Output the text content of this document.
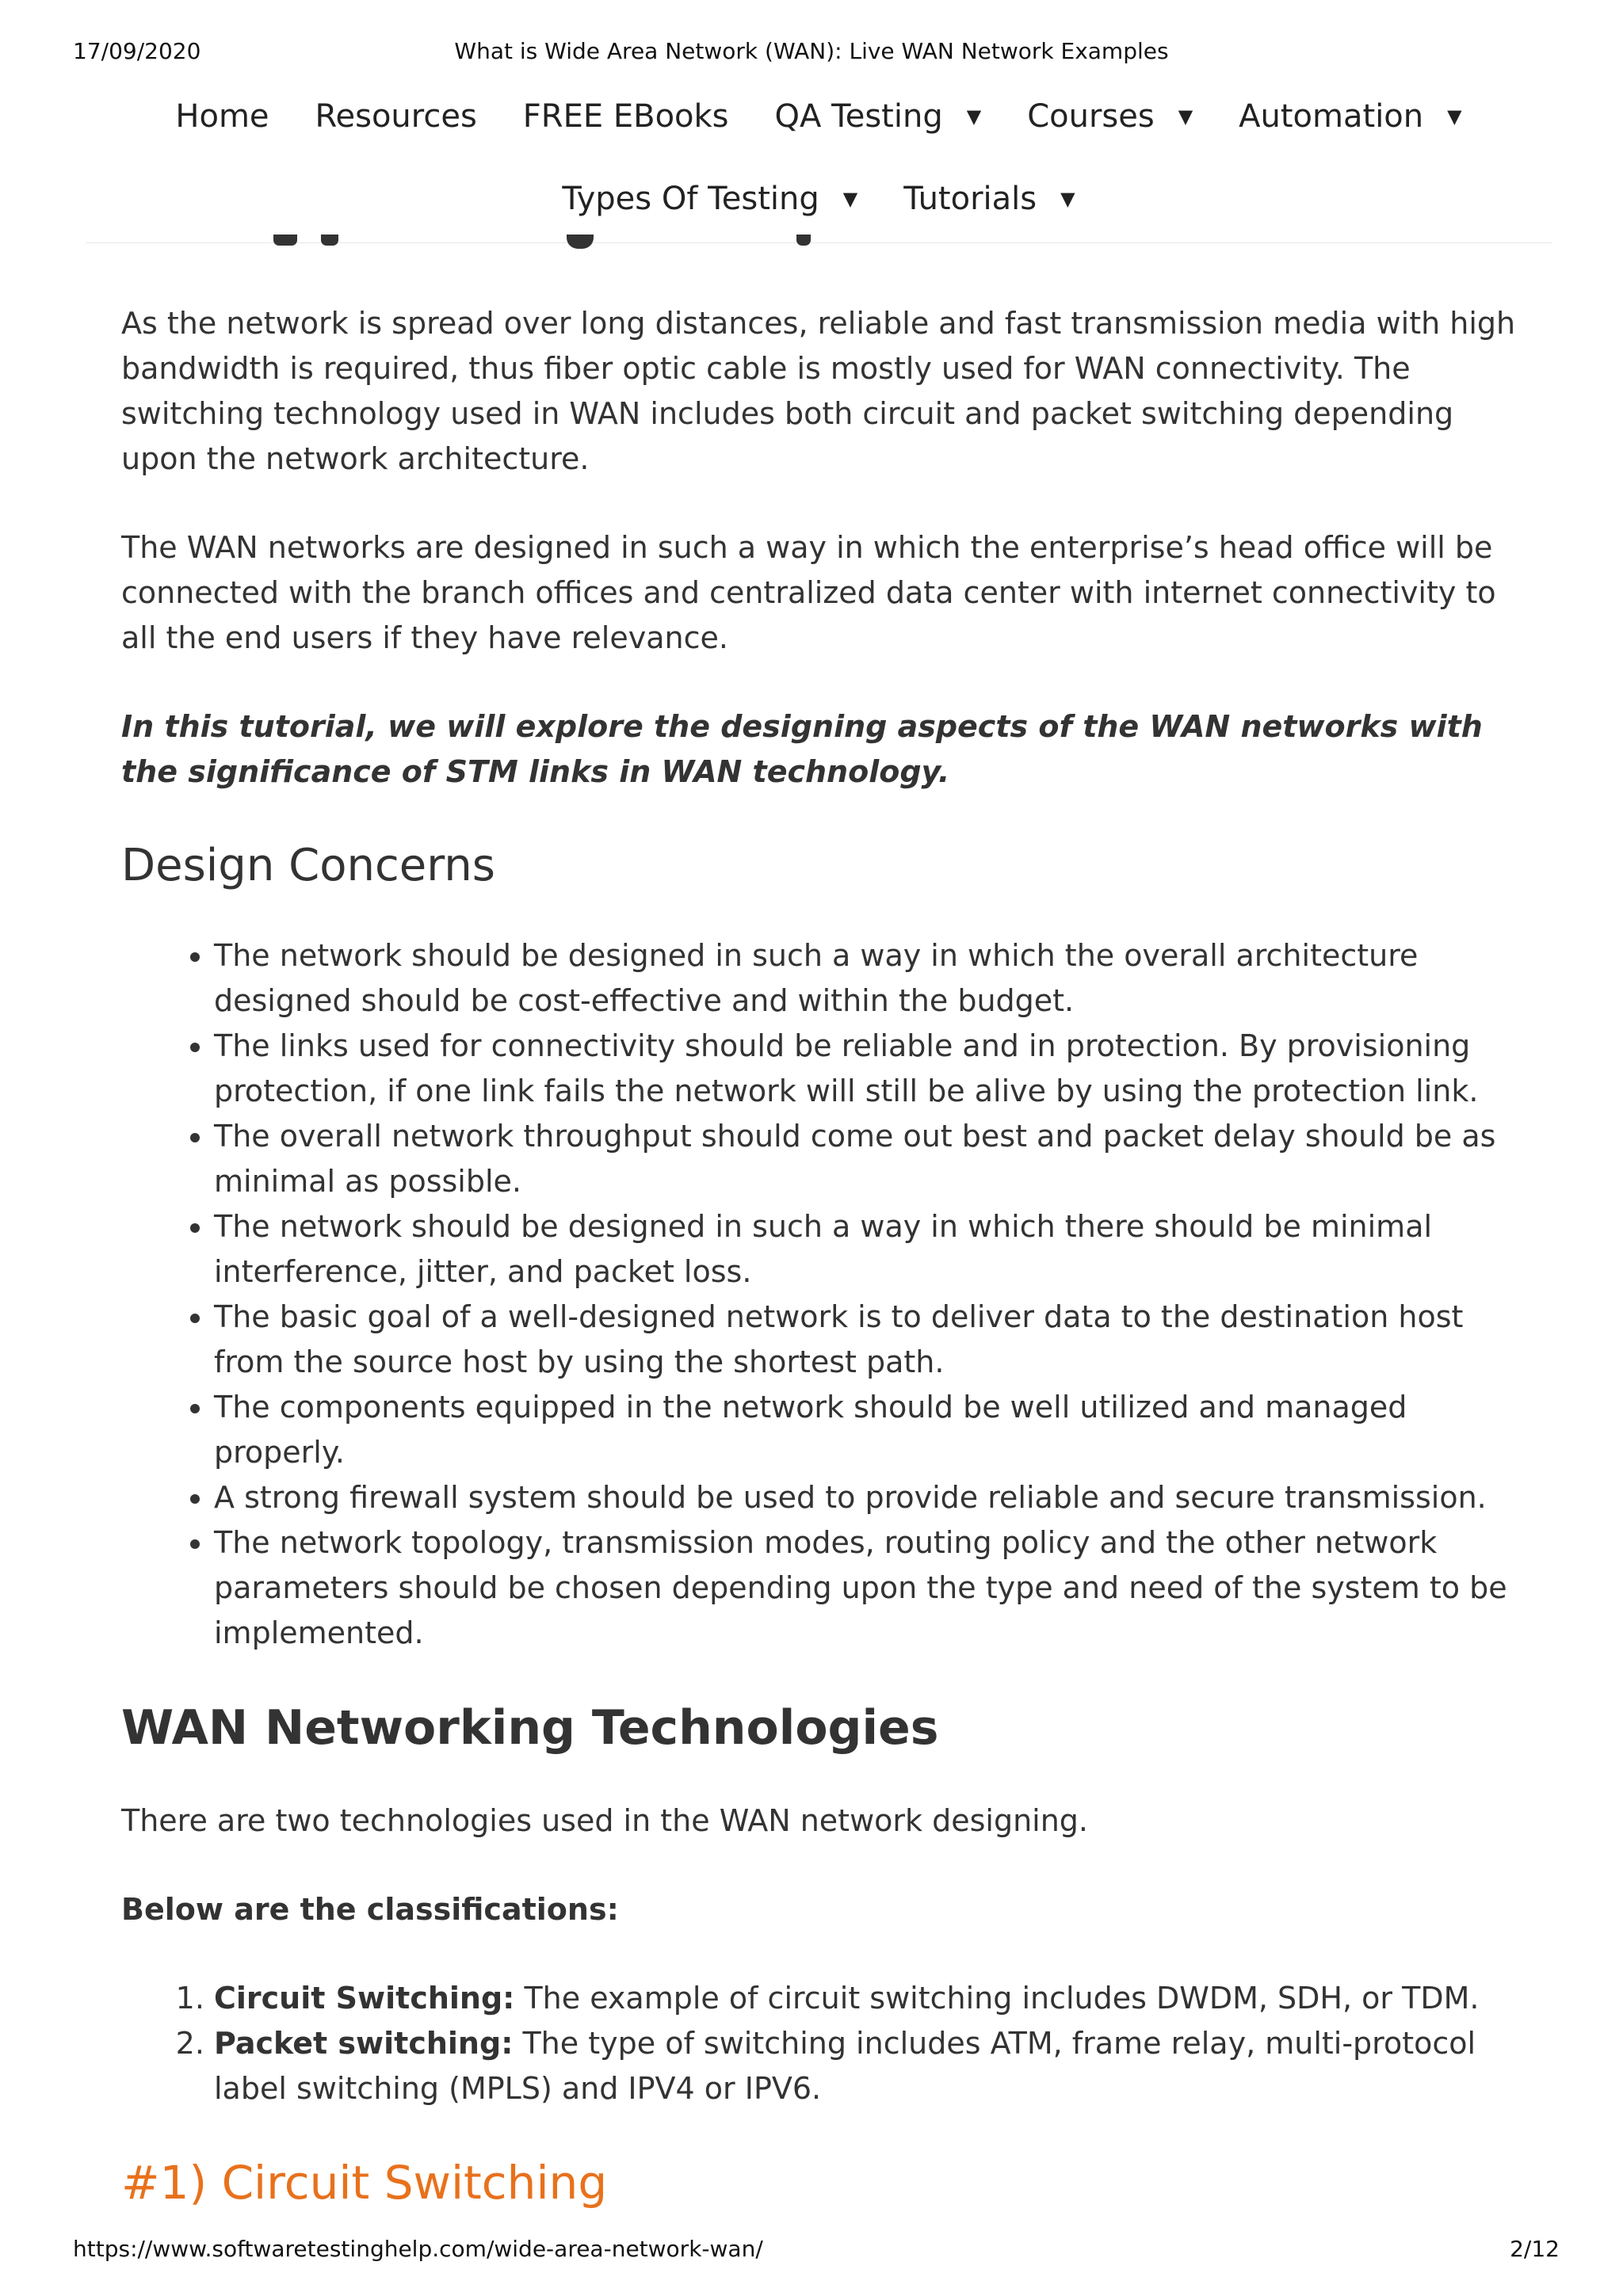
17/09/2020	What is Wide Area Network (WAN): Live WAN Network Examples
Home Resources FREE EBooks QA Testing ▼ Courses ▼ Automation ▼
Types Of Testing ▼ Tutorials ▼

As the network is spread over long distances, reliable and fast transmission media with high bandwidth is required, thus fiber optic cable is mostly used for WAN connectivity. The switching technology used in WAN includes both circuit and packet switching depending upon the network architecture.

The WAN networks are designed in such a way in which the enterprise’s head office will be connected with the branch offices and centralized data center with internet connectivity to all the end users if they have relevance.

In this tutorial, we will explore the designing aspects of the WAN networks with the significance of STM links in WAN technology.

Design Concerns
• The network should be designed in such a way in which the overall architecture designed should be cost-effective and within the budget.
• The links used for connectivity should be reliable and in protection. By provisioning protection, if one link fails the network will still be alive by using the protection link.
• The overall network throughput should come out best and packet delay should be as minimal as possible.
• The network should be designed in such a way in which there should be minimal interference, jitter, and packet loss.
• The basic goal of a well-designed network is to deliver data to the destination host from the source host by using the shortest path.
• The components equipped in the network should be well utilized and managed properly.
• A strong firewall system should be used to provide reliable and secure transmission.
• The network topology, transmission modes, routing policy and the other network parameters should be chosen depending upon the type and need of the system to be implemented.
WAN Networking Technologies

There are two technologies used in the WAN network designing.

Below are the classifications:

1. Circuit Switching: The example of circuit switching includes DWDM, SDH, or TDM.
2. Packet switching: The type of switching includes ATM, frame relay, multi-protocol label switching (MPLS) and IPV4 or IPV6.
#1) Circuit Switching
https://www.softwaretestinghelp.com/wide-area-network-wan/	2/12
